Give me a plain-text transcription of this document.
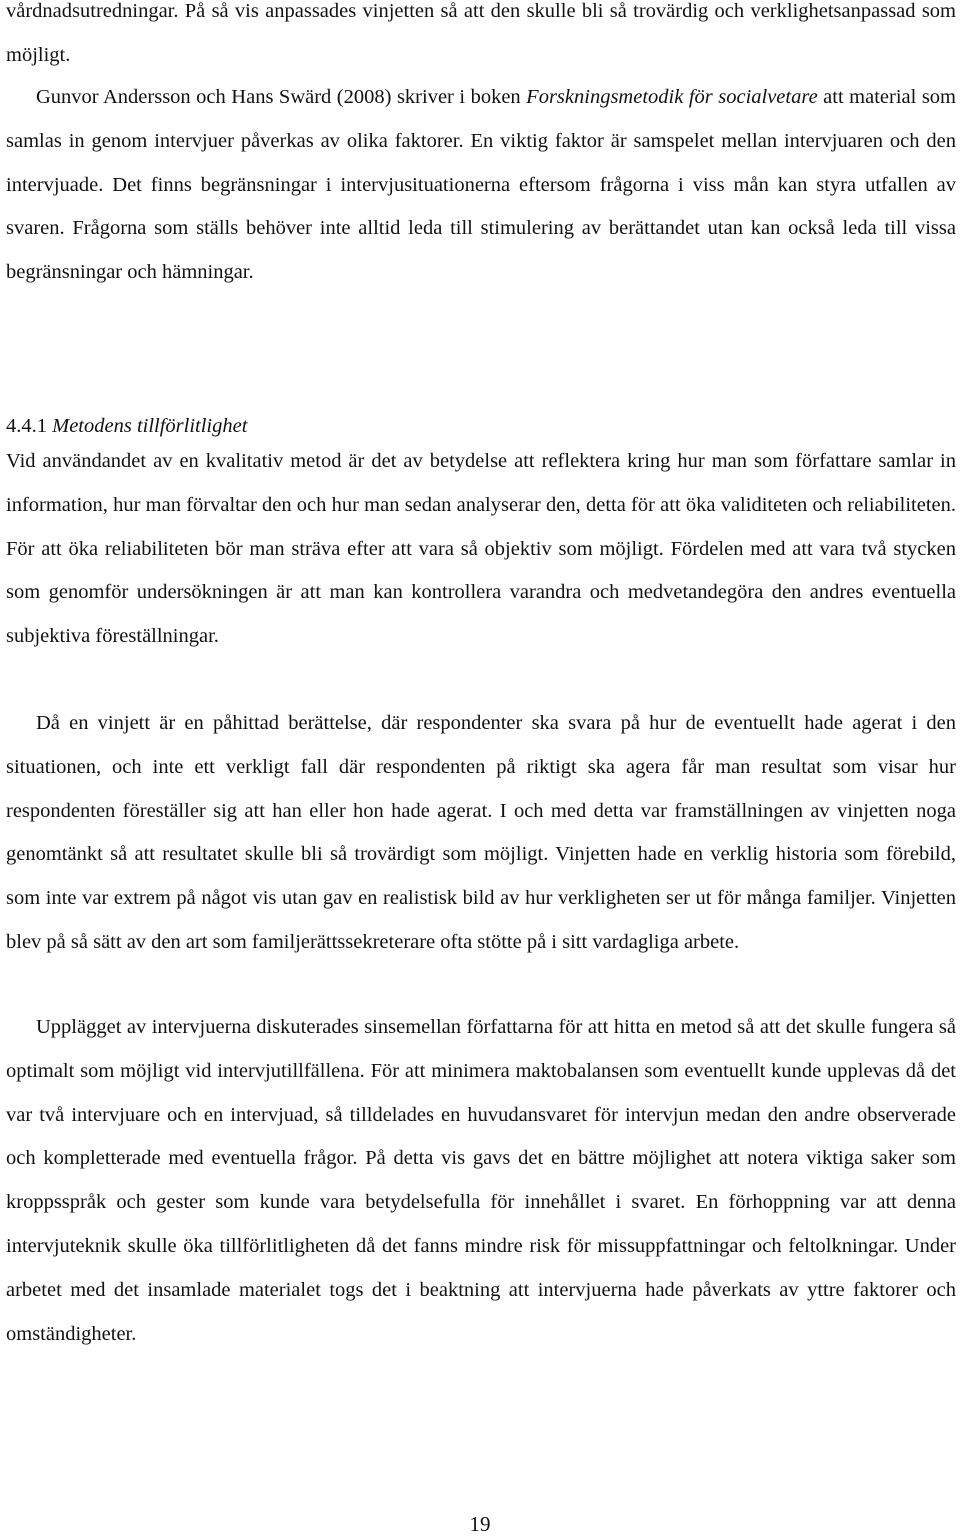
vårdnadsutredningar. På så vis anpassades vinjetten så att den skulle bli så trovärdig och verklighetsanpassad som möjligt.

Gunvor Andersson och Hans Swärd (2008) skriver i boken Forskningsmetodik för socialvetare att material som samlas in genom intervjuer påverkas av olika faktorer. En viktig faktor är samspelet mellan intervjuaren och den intervjuade. Det finns begränsningar i intervjusituationerna eftersom frågorna i viss mån kan styra utfallen av svaren. Frågorna som ställs behöver inte alltid leda till stimulering av berättandet utan kan också leda till vissa begränsningar och hämningar.

4.4.1 Metodens tillförlitlighet

Vid användandet av en kvalitativ metod är det av betydelse att reflektera kring hur man som författare samlar in information, hur man förvaltar den och hur man sedan analyserar den, detta för att öka validiteten och reliabiliteten. För att öka reliabiliteten bör man sträva efter att vara så objektiv som möjligt. Fördelen med att vara två stycken som genomför undersökningen är att man kan kontrollera varandra och medvetandegöra den andres eventuella subjektiva föreställningar.

Då en vinjett är en påhittad berättelse, där respondenter ska svara på hur de eventuellt hade agerat i den situationen, och inte ett verkligt fall där respondenten på riktigt ska agera får man resultat som visar hur respondenten föreställer sig att han eller hon hade agerat. I och med detta var framställningen av vinjetten noga genomtänkt så att resultatet skulle bli så trovärdigt som möjligt. Vinjetten hade en verklig historia som förebild, som inte var extrem på något vis utan gav en realistisk bild av hur verkligheten ser ut för många familjer. Vinjetten blev på så sätt av den art som familjerättssekreterare ofta stötte på i sitt vardagliga arbete.

Upplägget av intervjuerna diskuterades sinsemellan författarna för att hitta en metod så att det skulle fungera så optimalt som möjligt vid intervjutillfällena. För att minimera maktobalansen som eventuellt kunde upplevas då det var två intervjuare och en intervjuad, så tilldelades en huvudansvaret för intervjun medan den andre observerade och kompletterade med eventuella frågor. På detta vis gavs det en bättre möjlighet att notera viktiga saker som kroppsspråk och gester som kunde vara betydelsefulla för innehållet i svaret. En förhoppning var att denna intervjuteknik skulle öka tillförlitligheten då det fanns mindre risk för missuppfattningar och feltolkningar. Under arbetet med det insamlade materialet togs det i beaktning att intervjuerna hade påverkats av yttre faktorer och omständigheter.

19
